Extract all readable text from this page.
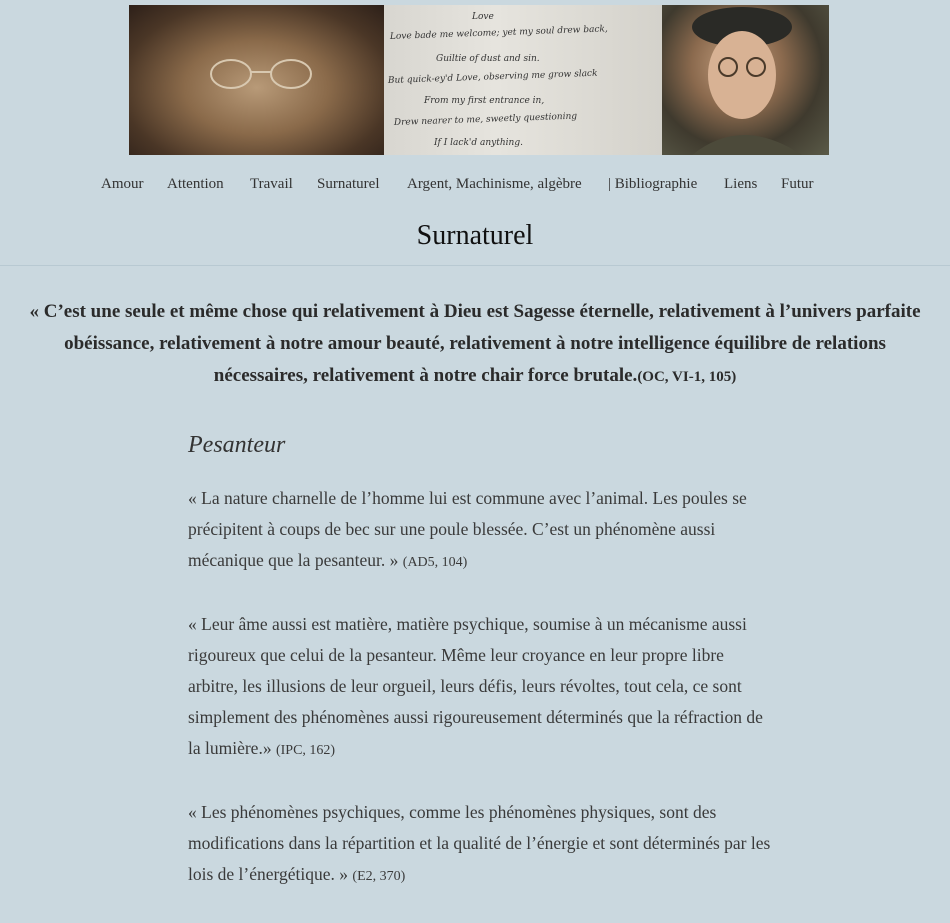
Love
Love bade me welcome; yet my soul drew back,
Guiltie of dust and sin.
But quick-ey'd Love, observing me grow slack
From my first entrance in,
Drew nearer to me, sweetly questioning
If I lack'd anything.
Amour Attention Travail Surnaturel Argent, Machinisme, algèbre | Bibliographie Liens Futur
Surnaturel
« C’est une seule et même chose qui relativement à Dieu est Sagesse éternelle, relativement à l’univers parfaite obéissance, relativement à notre amour beauté, relativement à notre intelligence équilibre de relations nécessaires, relativement à notre chair force brutale.(OC, VI-1, 105)
Pesanteur

« La nature charnelle de l’homme lui est commune avec l’animal. Les poules se précipitent à coups de bec sur une poule blessée. C’est un phénomène aussi mécanique que la pesanteur. » (AD5, 104)

« Leur âme aussi est matière, matière psychique, soumise à un mécanisme aussi rigoureux que celui de la pesanteur. Même leur croyance en leur propre libre arbitre, les illusions de leur orgueil, leurs défis, leurs révoltes, tout cela, ce sont simplement des phénomènes aussi rigoureusement déterminés que la réfraction de la lumière.» (IPC, 162)

« Les phénomènes psychiques, comme les phénomènes physiques, sont des modifications dans la répartition et la qualité de l’énergie et sont déterminés par les lois de l’énergétique. » (E2, 370)
